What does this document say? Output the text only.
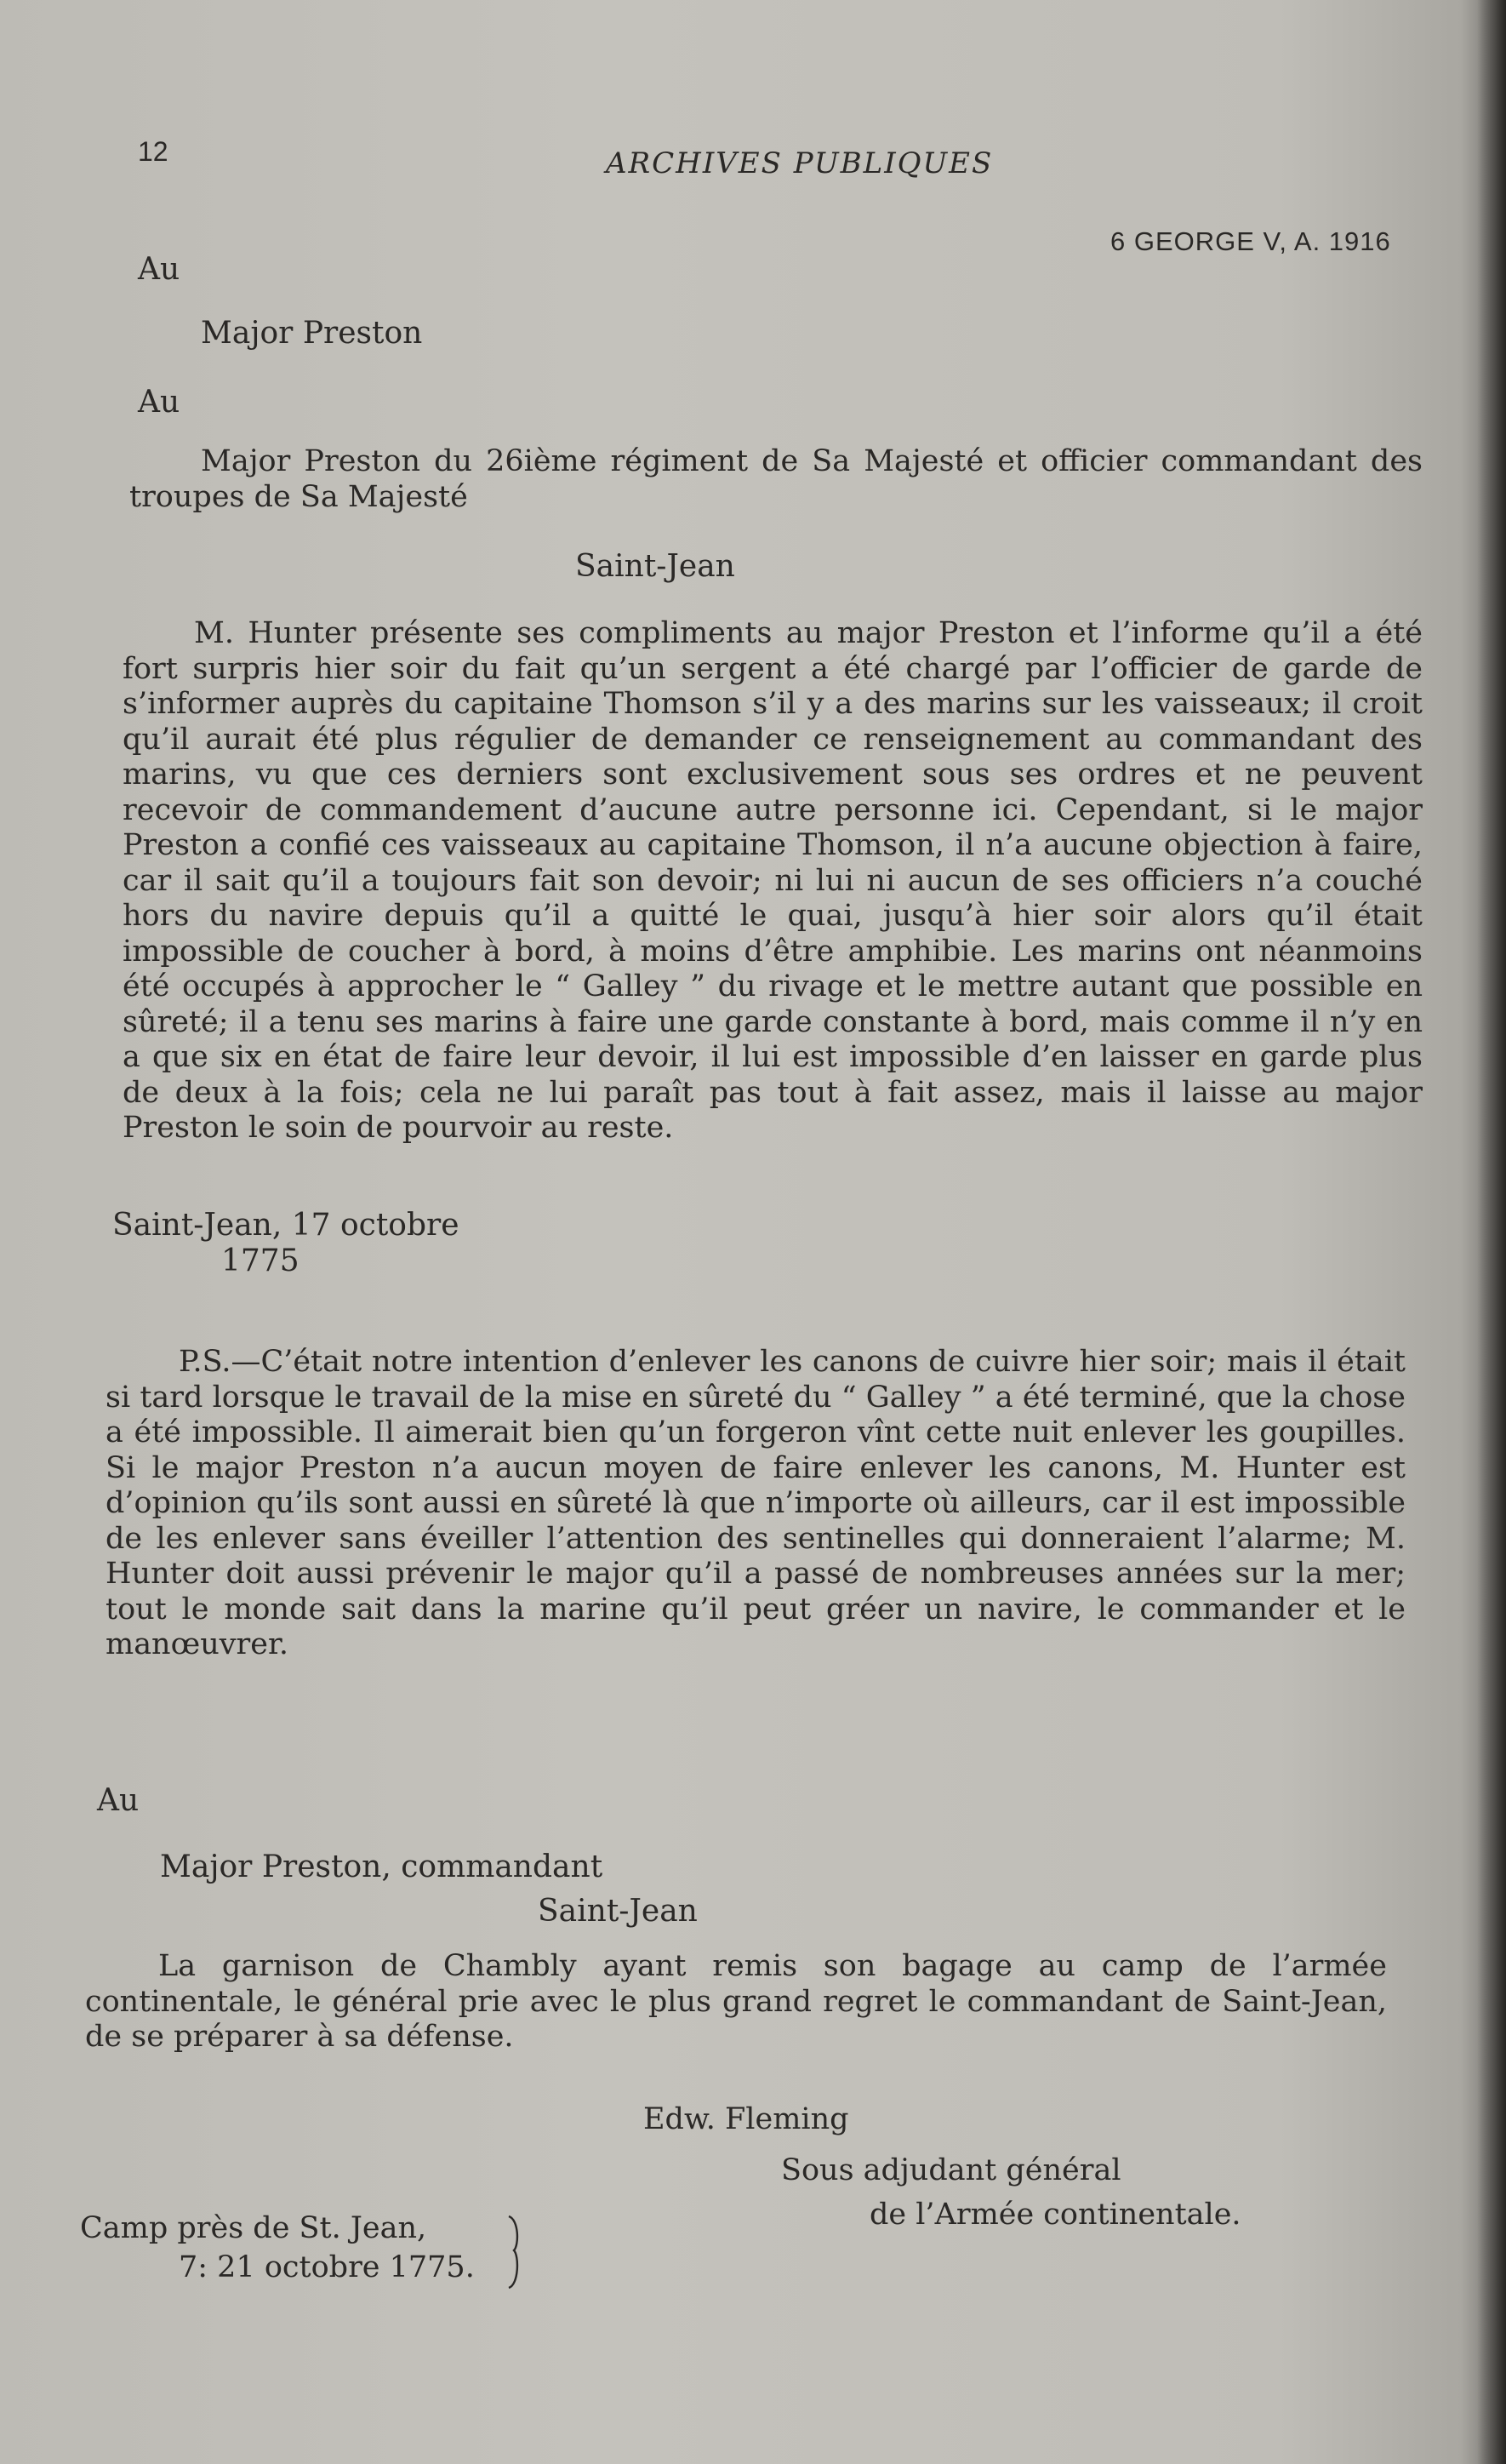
12	ARCHIVES PUBLIQUES
6 GEORGE V, A. 1916
Au
Major Preston
Au

Major Preston du 26ième régiment de Sa Majesté et officier commandant des troupes de Sa Majesté

Saint-Jean

M. Hunter présente ses compliments au major Preston et l’informe qu’il a été fort surpris hier soir du fait qu’un sergent a été chargé par l’officier de garde de s’informer auprès du capitaine Thomson s’il y a des marins sur les vaisseaux; il croit qu’il aurait été plus régulier de demander ce renseignement au commandant des marins, vu que ces derniers sont exclusivement sous ses ordres et ne peuvent recevoir de commandement d’aucune autre personne ici. Cependant, si le major Preston a confié ces vaisseaux au capitaine Thomson, il n’a aucune objection à faire, car il sait qu’il a toujours fait son devoir; ni lui ni aucun de ses officiers n’a couché hors du navire depuis qu’il a quitté le quai, jusqu’à hier soir alors qu’il était impossible de coucher à bord, à moins d’être amphibie. Les marins ont néanmoins été occupés à approcher le “ Galley ” du rivage et le mettre autant que possible en sûreté; il a tenu ses marins à faire une garde constante à bord, mais comme il n’y en a que six en état de faire leur devoir, il lui est impossible d’en laisser en garde plus de deux à la fois; cela ne lui paraît pas tout à fait assez, mais il laisse au major Preston le soin de pourvoir au reste.

Saint-Jean, 17 octobre
1775

P.S.—C’était notre intention d’enlever les canons de cuivre hier soir; mais il était si tard lorsque le travail de la mise en sûreté du “ Galley ” a été terminé, que la chose a été impossible. Il aimerait bien qu’un forgeron vînt cette nuit enlever les goupilles. Si le major Preston n’a aucun moyen de faire enlever les canons, M. Hunter est d’opinion qu’ils sont aussi en sûreté là que n’importe où ailleurs, car il est impossible de les enlever sans éveiller l’attention des sentinelles qui donneraient l’alarme; M. Hunter doit aussi prévenir le major qu’il a passé de nombreuses années sur la mer; tout le monde sait dans la marine qu’il peut gréer un navire, le commander et le manœuvrer.

Au
Major Preston, commandant
Saint-Jean

La garnison de Chambly ayant remis son bagage au camp de l’armée continentale, le général prie avec le plus grand regret le commandant de Saint-Jean, de se préparer à sa défense.

Edw. Fleming
Sous adjudant général
de l’Armée continentale.
Camp près de St. Jean,
7: 21 octobre 1775.
